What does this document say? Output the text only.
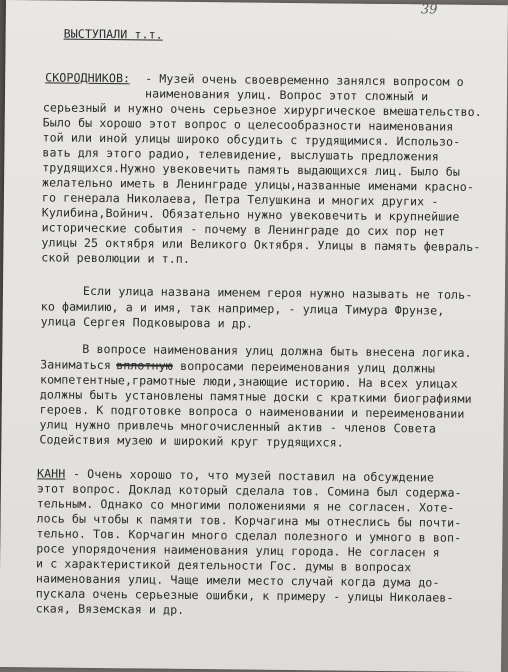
39
ВЫСТУПАЛИ т.т.
СКОРОДНИКОВ: - Музей очень своевременно занялся вопросом о
наименования улиц. Вопрос этот сложный и
серьезный и нужно очень серьезное хирургическое вмешательство.
Было бы хорошо этот вопрос о целесообразности наименования
той или иной улицы широко обсудить с трудящимися. Использо-
вать для этого радио, телевидение, выслушать предложения
трудящихся.Нужно увековечить память выдающихся лиц. Было бы
желательно иметь в Ленинграде улицы,названные именами красно-
го генерала Николаева, Петра Телушкина и многих других -
Кулибина,Войнич. Обязательно нужно увековечить и крупнейшие
исторические события - почему в Ленинграде до сих пор нет
улицы 25 октября или Великого Октября. Улицы в память февраль-
ской революции и т.п.
Если улица названа именем героя нужно называть не толь-
ко фамилию, а и имя, так например, - улица Тимура Фрунзе,
улица Сергея Подковырова и др.
В вопросе наименования улиц должна быть внесена логика.
Заниматься вплотную вопросами переименования улиц должны
компетентные,грамотные люди,знающие историю. На всех улицах
должны быть установлены памятные доски с краткими биографиями
героев. К подготовке вопроса о наименовании и переименовании
улиц нужно привлечь многочисленный актив - членов Совета
Содействия музею и широкий круг трудящихся.
КАНН - Очень хорошо то, что музей поставил на обсуждение
этот вопрос. Доклад который сделала тов. Сомина был содержа-
тельным. Однако со многими положениями я не согласен. Хоте-
лось бы чтобы к памяти тов. Корчагина мы отнеслись бы почти-
тельно. Тов. Корчагин много сделал полезного и умного в воп-
росе упорядочения наименования улиц города. Не согласен я
и с характеристикой деятельности Гос. думы в вопросах
наименования улиц. Чаще имели место случай когда дума до-
пускала очень серьезные ошибки, к примеру - улицы Николаев-
ская, Вяземская и др.
